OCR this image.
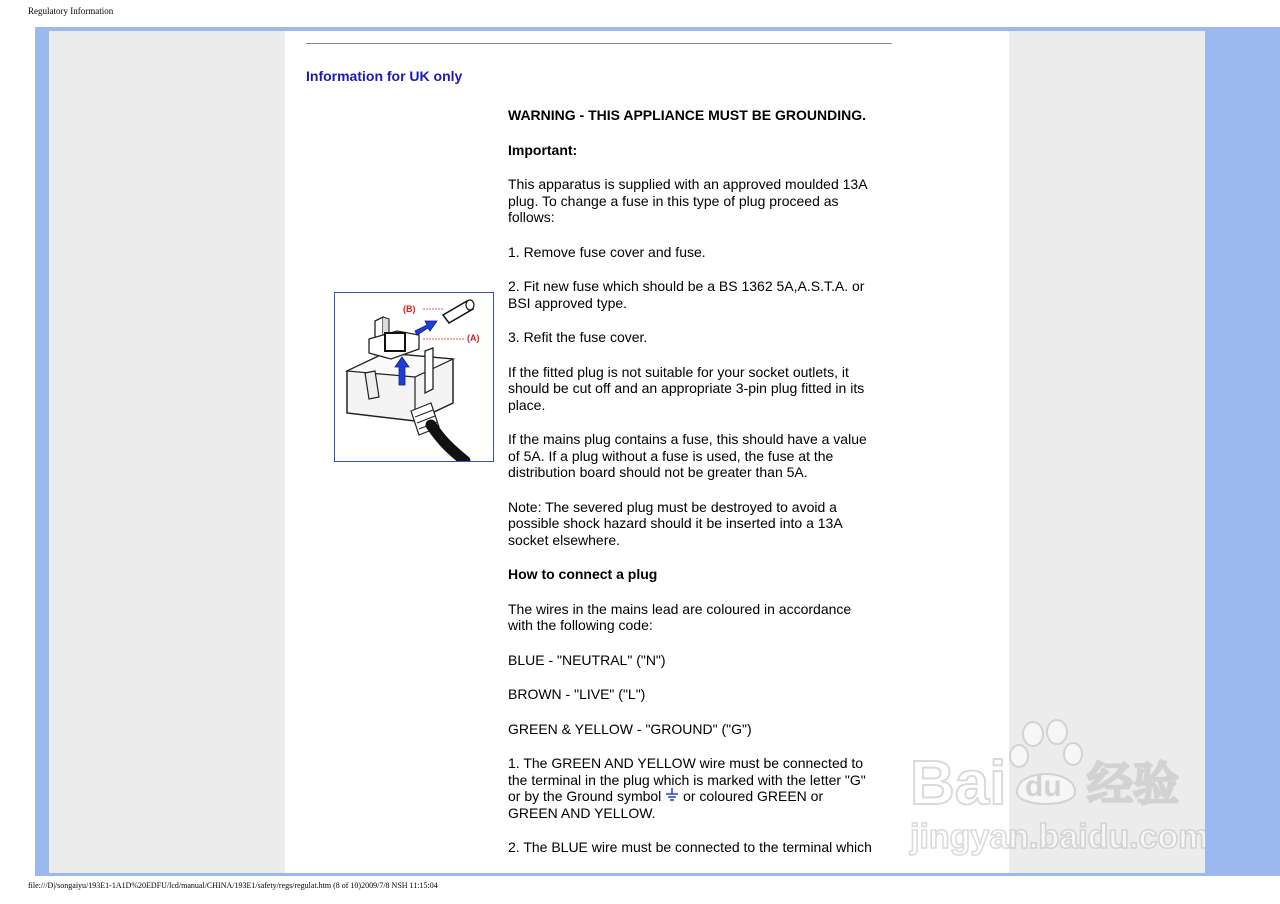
Regulatory Information
Information for UK only
(B)
(A)

WARNING - THIS APPLIANCE MUST BE GROUNDING.

Important:

This apparatus is supplied with an approved moulded 13A plug. To change a fuse in this type of plug proceed as follows:

1. Remove fuse cover and fuse.

2. Fit new fuse which should be a BS 1362 5A,A.S.T.A. or BSI approved type.

3. Refit the fuse cover.

If the fitted plug is not suitable for your socket outlets, it should be cut off and an appropriate 3-pin plug fitted in its place.

If the mains plug contains a fuse, this should have a value of 5A. If a plug without a fuse is used, the fuse at the distribution board should not be greater than 5A.

Note: The severed plug must be destroyed to avoid a possible shock hazard should it be inserted into a 13A socket elsewhere.

How to connect a plug

The wires in the mains lead are coloured in accordance with the following code:

BLUE - "NEUTRAL" ("N")

BROWN - "LIVE" ("L")

GREEN & YELLOW - "GROUND" ("G")

1. The GREEN AND YELLOW wire must be connected to the terminal in the plug which is marked with the letter "G" or by the Ground symbol or coloured GREEN or GREEN AND YELLOW.

2. The BLUE wire must be connected to the terminal which

Bai du 经验
jingyan.baidu.com
file:///D|/songaiyu/193E1-1A1D%20EDFU/lcd/manual/CHINA/193E1/safety/regs/regulat.htm (8 of 10)2009/7/8 NSH 11:15:04
